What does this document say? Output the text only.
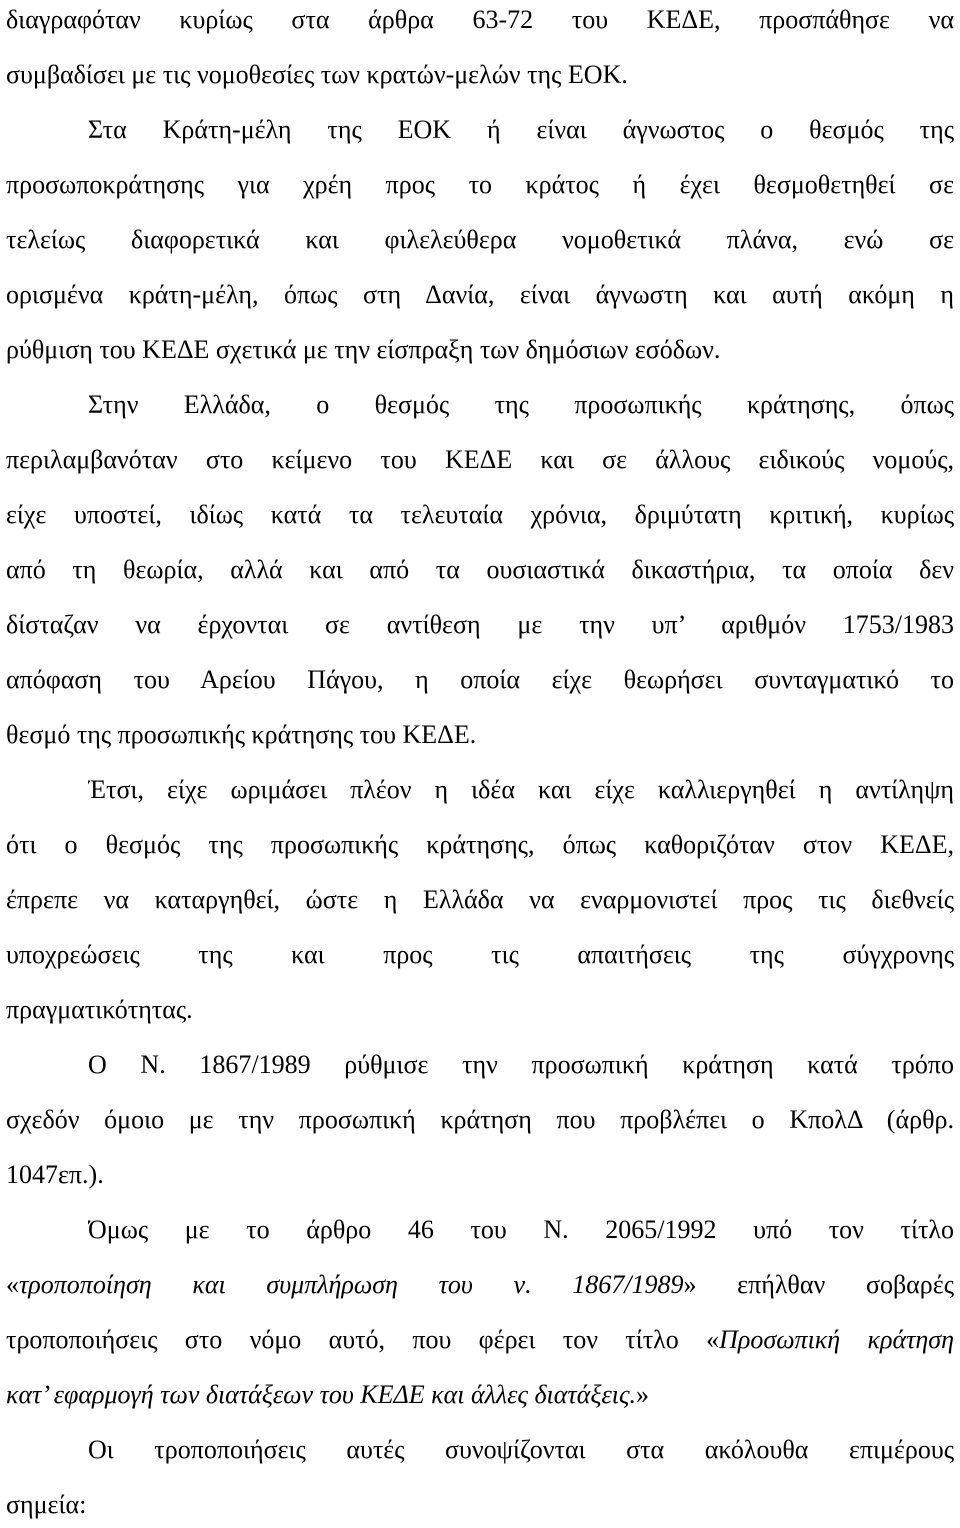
διαγραφόταν κυρίως στα άρθρα 63-72 του ΚΕΔΕ, προσπάθησε να
συμβαδίσει με τις νομοθεσίες των κρατών-μελών της ΕΟΚ.
Στα Κράτη-μέλη της ΕΟΚ ή είναι άγνωστος ο θεσμός της
προσωποκράτησης για χρέη προς το κράτος ή έχει θεσμοθετηθεί σε
τελείως διαφορετικά και φιλελεύθερα νομοθετικά πλάνα, ενώ σε
ορισμένα κράτη-μέλη, όπως στη Δανία, είναι άγνωστη και αυτή ακόμη η
ρύθμιση του ΚΕΔΕ σχετικά με την είσπραξη των δημόσιων εσόδων.
Στην Ελλάδα, ο θεσμός της προσωπικής κράτησης, όπως
περιλαμβανόταν στο κείμενο του ΚΕΔΕ και σε άλλους ειδικούς νομούς,
είχε υποστεί, ιδίως κατά τα τελευταία χρόνια, δριμύτατη κριτική, κυρίως
από τη θεωρία, αλλά και από τα ουσιαστικά δικαστήρια, τα οποία δεν
δίσταζαν να έρχονται σε αντίθεση με την υπ’ αριθμόν 1753/1983
απόφαση του Αρείου Πάγου, η οποία είχε θεωρήσει συνταγματικό το
θεσμό της προσωπικής κράτησης του ΚΕΔΕ.
Έτσι, είχε ωριμάσει πλέον η ιδέα και είχε καλλιεργηθεί η αντίληψη
ότι ο θεσμός της προσωπικής κράτησης, όπως καθοριζόταν στον ΚΕΔΕ,
έπρεπε να καταργηθεί, ώστε η Ελλάδα να εναρμονιστεί προς τις διεθνείς
υποχρεώσεις της και προς τις απαιτήσεις της σύγχρονης
πραγματικότητας.
Ο Ν. 1867/1989 ρύθμισε την προσωπική κράτηση κατά τρόπο
σχεδόν όμοιο με την προσωπική κράτηση που προβλέπει ο ΚπολΔ (άρθρ.
1047επ.).
Όμως με το άρθρο 46 του Ν. 2065/1992 υπό τον τίτλο
«τροποποίηση και συμπλήρωση του ν. 1867/1989» επήλθαν σοβαρές
τροποποιήσεις στο νόμο αυτό, που φέρει τον τίτλο «Προσωπική κράτηση
κατ’ εφαρμογή των διατάξεων του ΚΕΔΕ και άλλες διατάξεις.»
Οι τροποποιήσεις αυτές συνοψίζονται στα ακόλουθα επιμέρους
σημεία:
